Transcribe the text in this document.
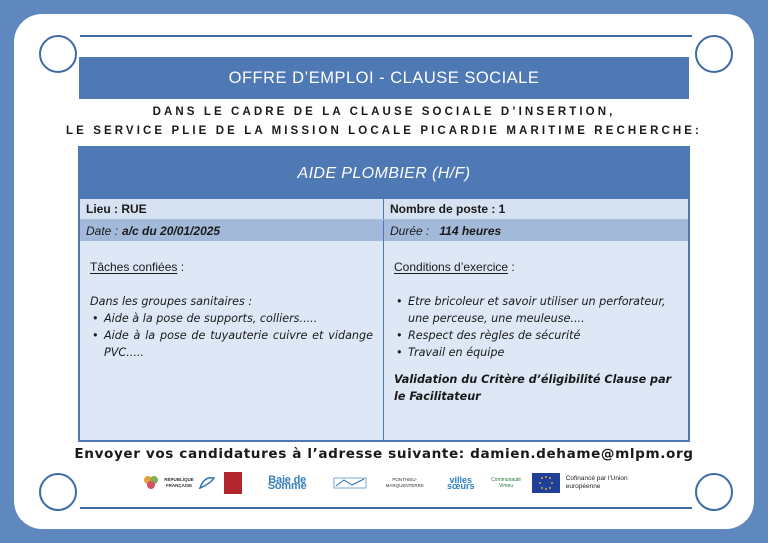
OFFRE D’EMPLOI - CLAUSE SOCIALE
DANS LE CADRE DE LA CLAUSE SOCIALE D’INSERTION,
LE SERVICE PLIE DE LA MISSION LOCALE PICARDIE MARITIME RECHERCHE:
AIDE PLOMBIER (H/F)
Lieu : RUE	Nombre de poste : 1
Date : a/c du 20/01/2025	Durée : 114 heures
Tâches confiées :
Dans les groupes sanitaires :
• Aide à la pose de supports, colliers.....
• Aide à la pose de tuyauterie cuivre et vidange PVC.....
Conditions d’exercice :
• Etre bricoleur et savoir utiliser un perforateur, une perceuse, une meuleuse....
• Respect des règles de sécurité
• Travail en équipe
Validation du Critère d’éligibilité Clause par le Facilitateur
Envoyer vos candidatures à l’adresse suivante: damien.dehame@mlpm.org
RÉPUBLIQUE FRANÇAISE	Baie de Somme
PONTHIEU-MARQUENTERRE
villes sœurs
Communauté Vimeu
Cofinancé par l'Union européenne
